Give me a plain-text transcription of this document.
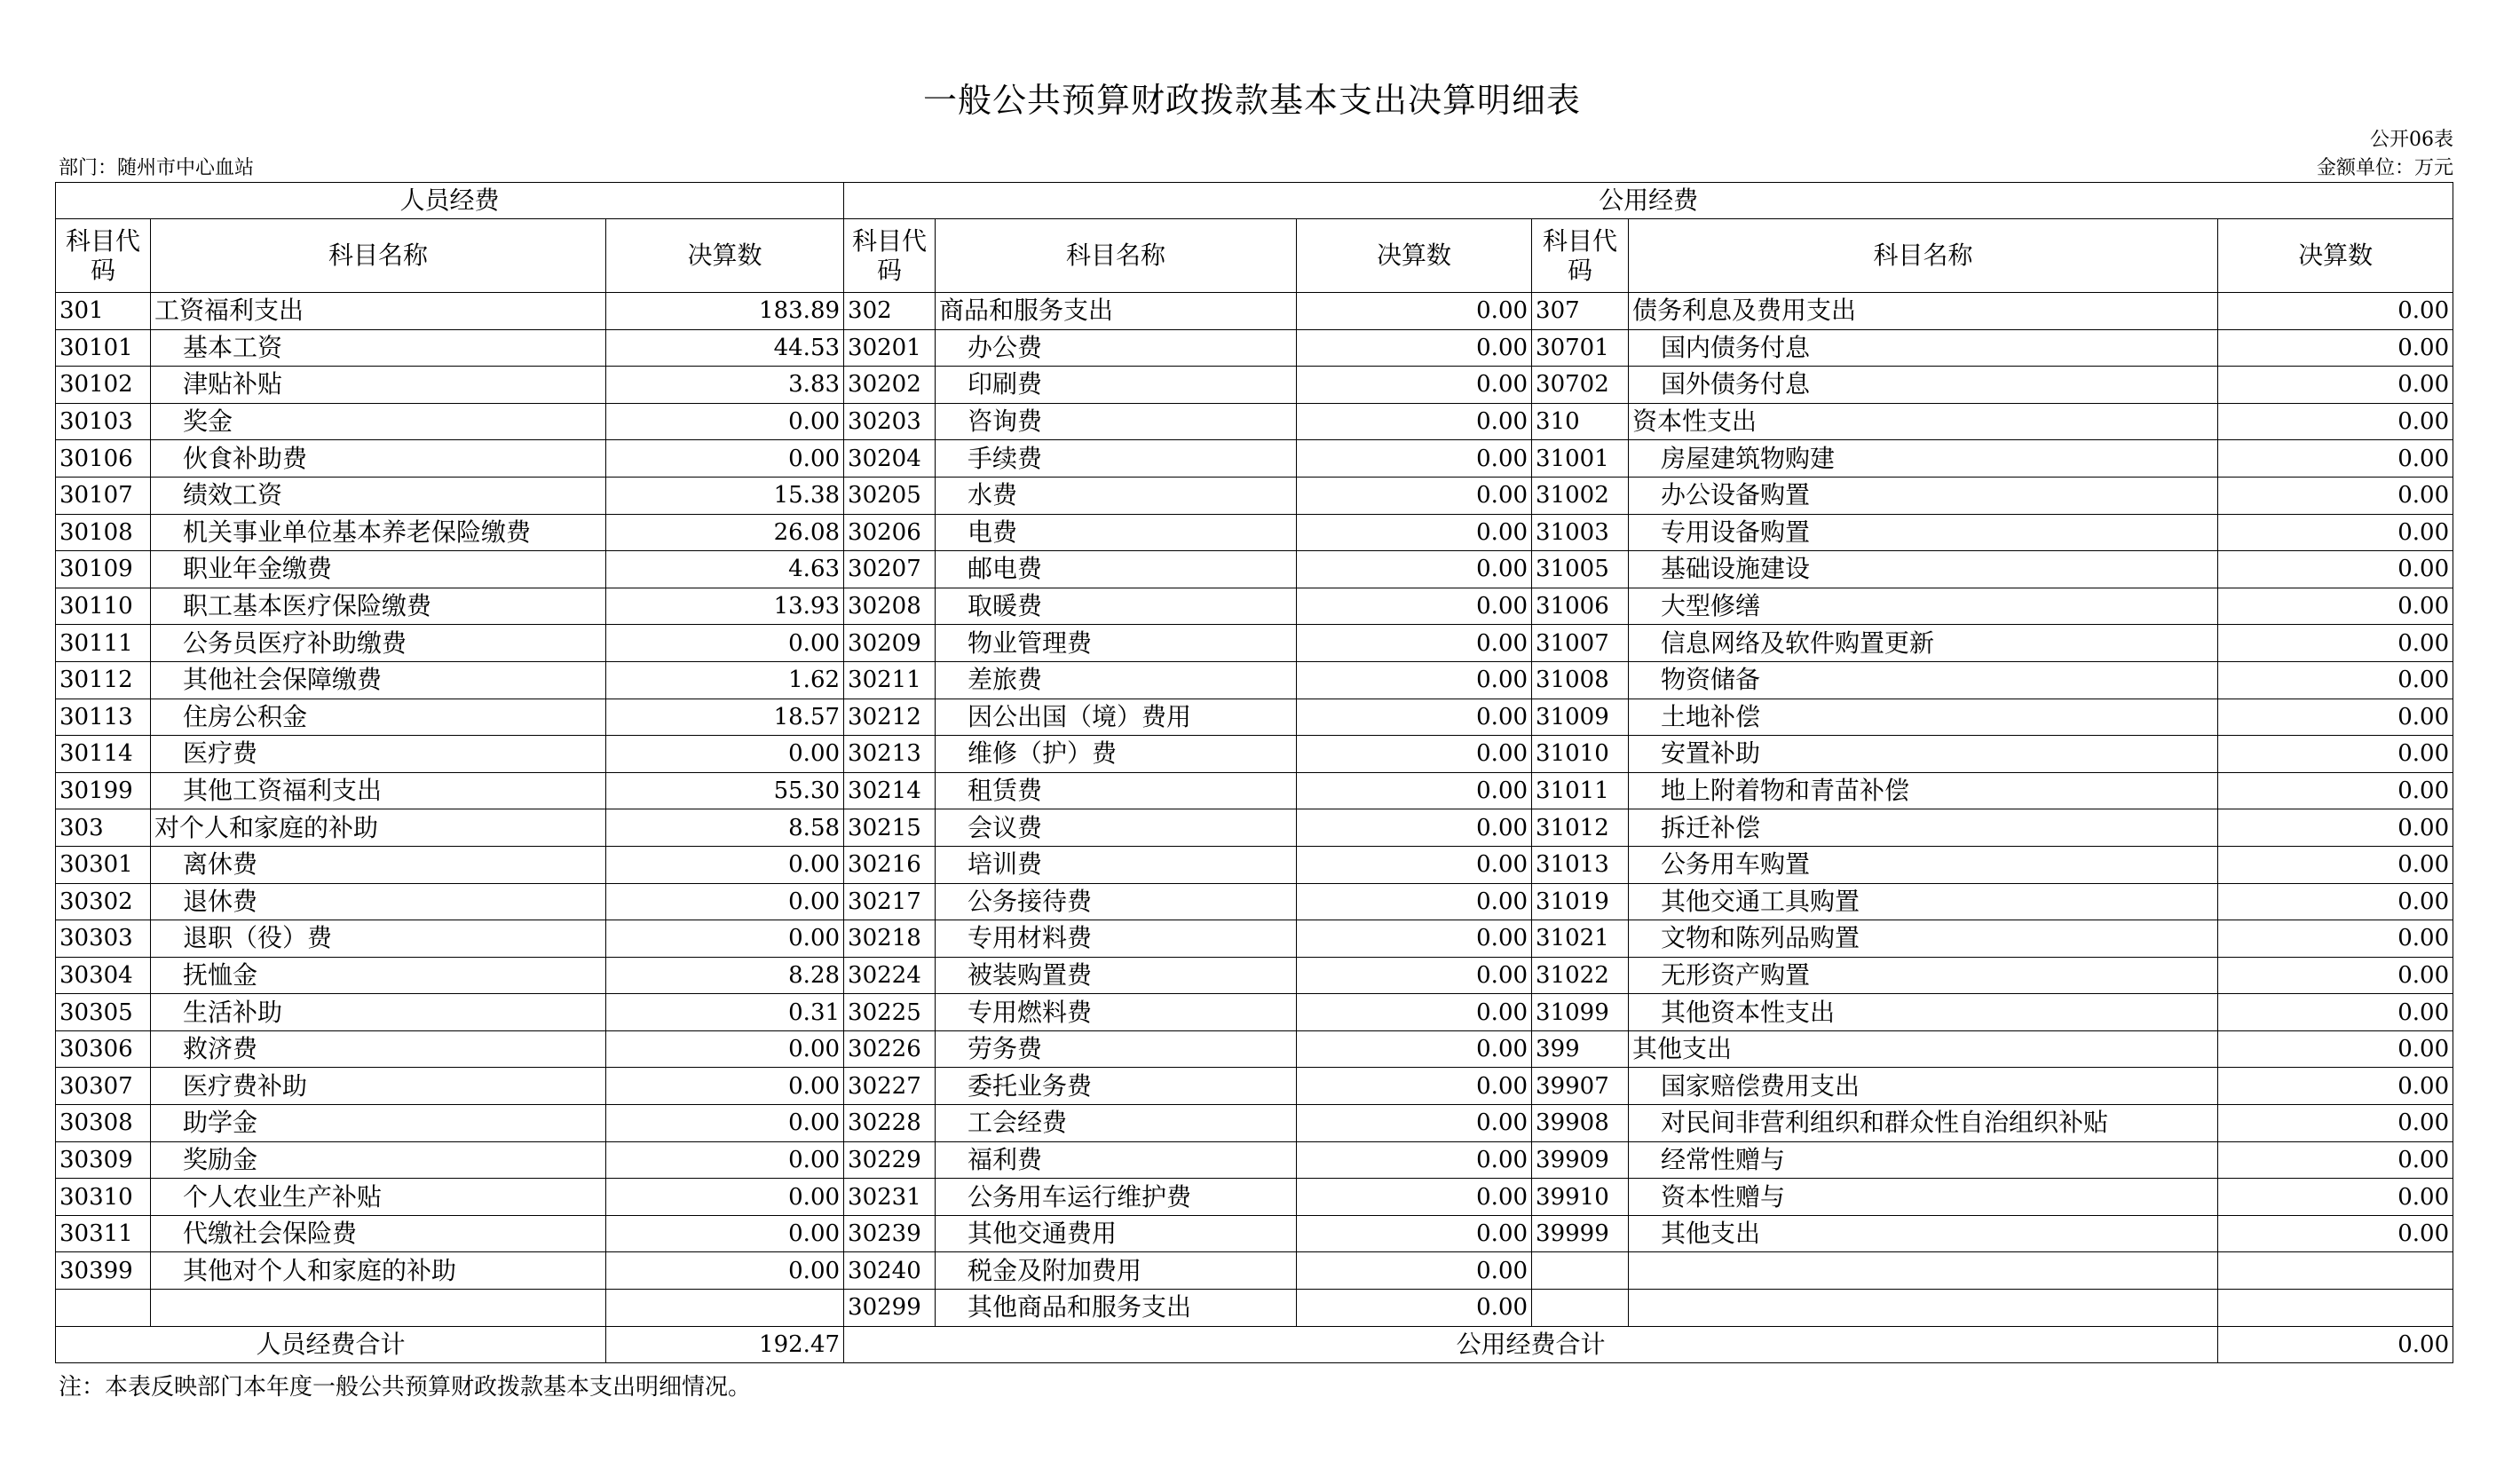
一般公共预算财政拨款基本支出决算明细表
公开06表
部门：随州市中心血站	金额单位：万元
人员经费			公用经费					
科目代码	科目名称	决算数	科目代码	科目名称	决算数	科目代码	科目名称	决算数
301	工资福利支出	183.89	302	商品和服务支出	0.00	307	债务利息及费用支出	0.00
30101	基本工资	44.53	30201	办公费	0.00	30701	国内债务付息	0.00
30102	津贴补贴	3.83	30202	印刷费	0.00	30702	国外债务付息	0.00
30103	奖金	0.00	30203	咨询费	0.00	310	资本性支出	0.00
30106	伙食补助费	0.00	30204	手续费	0.00	31001	房屋建筑物购建	0.00
30107	绩效工资	15.38	30205	水费	0.00	31002	办公设备购置	0.00
30108	机关事业单位基本养老保险缴费	26.08	30206	电费	0.00	31003	专用设备购置	0.00
30109	职业年金缴费	4.63	30207	邮电费	0.00	31005	基础设施建设	0.00
30110	职工基本医疗保险缴费	13.93	30208	取暖费	0.00	31006	大型修缮	0.00
30111	公务员医疗补助缴费	0.00	30209	物业管理费	0.00	31007	信息网络及软件购置更新	0.00
30112	其他社会保障缴费	1.62	30211	差旅费	0.00	31008	物资储备	0.00
30113	住房公积金	18.57	30212	因公出国（境）费用	0.00	31009	土地补偿	0.00
30114	医疗费	0.00	30213	维修（护）费	0.00	31010	安置补助	0.00
30199	其他工资福利支出	55.30	30214	租赁费	0.00	31011	地上附着物和青苗补偿	0.00
303	对个人和家庭的补助	8.58	30215	会议费	0.00	31012	拆迁补偿	0.00
30301	离休费	0.00	30216	培训费	0.00	31013	公务用车购置	0.00
30302	退休费	0.00	30217	公务接待费	0.00	31019	其他交通工具购置	0.00
30303	退职（役）费	0.00	30218	专用材料费	0.00	31021	文物和陈列品购置	0.00
30304	抚恤金	8.28	30224	被装购置费	0.00	31022	无形资产购置	0.00
30305	生活补助	0.31	30225	专用燃料费	0.00	31099	其他资本性支出	0.00
30306	救济费	0.00	30226	劳务费	0.00	399	其他支出	0.00
30307	医疗费补助	0.00	30227	委托业务费	0.00	39907	国家赔偿费用支出	0.00
30308	助学金	0.00	30228	工会经费	0.00	39908	对民间非营利组织和群众性自治组织补贴	0.00
30309	奖励金	0.00	30229	福利费	0.00	39909	经常性赠与	0.00
30310	个人农业生产补贴	0.00	30231	公务用车运行维护费	0.00	39910	资本性赠与	0.00
30311	代缴社会保险费	0.00	30239	其他交通费用	0.00	39999	其他支出	0.00
30399	其他对个人和家庭的补助	0.00	30240	税金及附加费用	0.00			
			30299	其他商品和服务支出	0.00			
人员经费合计		192.47	公用经费合计					0.00
注：本表反映部门本年度一般公共预算财政拨款基本支出明细情况。
